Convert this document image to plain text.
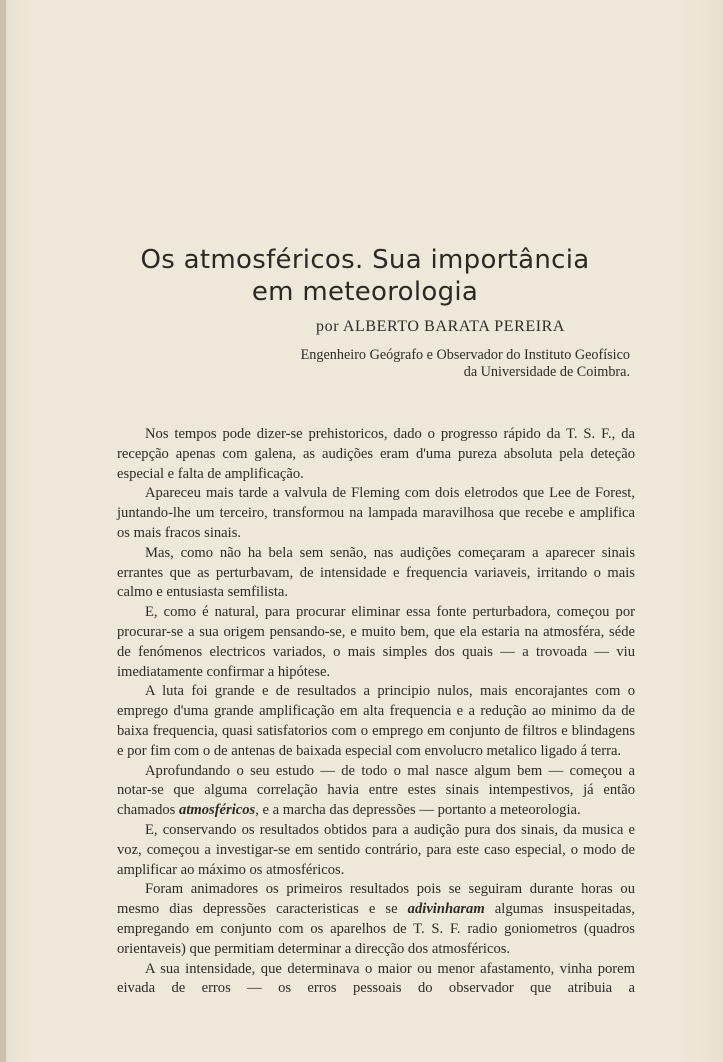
Os atmosféricos. Sua importância
em meteorologia
por ALBERTO BARATA PEREIRA
Engenheiro Geógrafo e Observador do Instituto Geofísico
da Universidade de Coimbra.

Nos tempos pode dizer-se prehistoricos, dado o progresso rápido da T. S. F., da recepção apenas com galena, as audições eram d'uma pureza absoluta pela deteção especial e falta de amplificação.

Apareceu mais tarde a valvula de Fleming com dois eletrodos que Lee de Forest, juntando-lhe um terceiro, transformou na lampada maravilhosa que recebe e amplifica os mais fracos sinais.

Mas, como não ha bela sem senão, nas audições começaram a aparecer sinais errantes que as perturbavam, de intensidade e frequencia variaveis, irritando o mais calmo e entusiasta semfilista.

E, como é natural, para procurar eliminar essa fonte perturbadora, começou por procurar-se a sua origem pensando-se, e muito bem, que ela estaria na atmosféra, séde de fenómenos electricos variados, o mais simples dos quais — a trovoada — viu imediatamente confirmar a hipótese.

A luta foi grande e de resultados a principio nulos, mais encorajantes com o emprego d'uma grande amplificação em alta frequencia e a redução ao minimo da de baixa frequencia, quasi satisfatorios com o emprego em conjunto de filtros e blindagens e por fim com o de antenas de baixada especial com envolucro metalico ligado á terra.

Aprofundando o seu estudo — de todo o mal nasce algum bem — começou a notar-se que alguma correlação havia entre estes sinais intempestivos, já então chamados atmosféricos, e a marcha das depressões — portanto a meteorologia.

E, conservando os resultados obtidos para a audição pura dos sinais, da musica e voz, começou a investigar-se em sentido contrário, para este caso especial, o modo de amplificar ao máximo os atmosféricos.

Foram animadores os primeiros resultados pois se seguiram durante horas ou mesmo dias depressões caracteristicas e se adivinharam algumas insuspeitadas, empregando em conjunto com os aparelhos de T. S. F. radio goniometros (quadros orientaveis) que permitiam determinar a direcção dos atmosféricos.

A sua intensidade, que determinava o maior ou menor afastamento, vinha porem eivada de erros — os erros pessoais do observador que atribuia a
